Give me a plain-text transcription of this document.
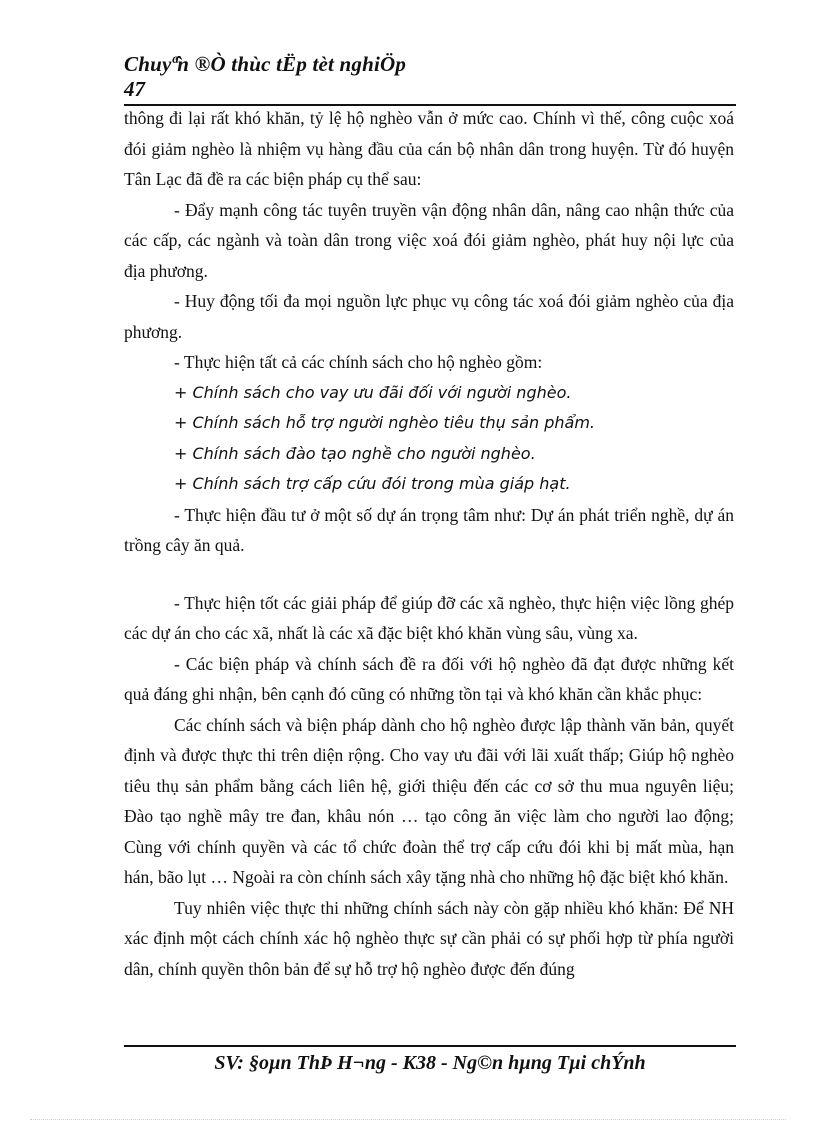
Chuyª̂n ®Ò thùc tËp tèt nghiÖp
47

thông đi lại rất khó khăn, tỷ lệ hộ nghèo vẫn ở mức cao. Chính vì thế, công cuộc xoá đói giảm nghèo là nhiệm vụ hàng đầu của cán bộ nhân dân trong huyện. Từ đó huyện Tân Lạc đã đề ra các biện pháp cụ thể sau:

- Đẩy mạnh công tác tuyên truyền vận động nhân dân, nâng cao nhận thức của các cấp, các ngành và toàn dân trong việc xoá đói giảm nghèo, phát huy nội lực của địa phương.

- Huy động tối đa mọi nguồn lực phục vụ công tác xoá đói giảm nghèo của địa phương.

- Thực hiện tất cả các chính sách cho hộ nghèo gồm:

+ Chính sách cho vay ưu đãi đối với người nghèo.

+ Chính sách hỗ trợ người nghèo tiêu thụ sản phẩm.

+ Chính sách đào tạo nghề cho người nghèo.

+ Chính sách trợ cấp cứu đói trong mùa giáp hạt.

- Thực hiện đầu tư ở một số dự án trọng tâm như: Dự án phát triển nghề, dự án trồng cây ăn quả.

- Thực hiện tốt các giải pháp để giúp đỡ các xã nghèo, thực hiện việc lồng ghép các dự án cho các xã, nhất là các xã đặc biệt khó khăn vùng sâu, vùng xa.

- Các biện pháp và chính sách đề ra đối với hộ nghèo đã đạt được những kết quả đáng ghi nhận, bên cạnh đó cũng có những tồn tại và khó khăn cần khắc phục:

Các chính sách và biện pháp dành cho hộ nghèo được lập thành văn bản, quyết định và được thực thi trên diện rộng. Cho vay ưu đãi với lãi xuất thấp; Giúp hộ nghèo tiêu thụ sản phẩm bằng cách liên hệ, giới thiệu đến các cơ sở thu mua nguyên liệu; Đào tạo nghề mây tre đan, khâu nón … tạo công ăn việc làm cho người lao động; Cùng với chính quyền và các tổ chức đoàn thể trợ cấp cứu đói khi bị mất mùa, hạn hán, bão lụt … Ngoài ra còn chính sách xây tặng nhà cho những hộ đặc biệt khó khăn.

Tuy nhiên việc thực thi những chính sách này còn gặp nhiều khó khăn: Để NH xác định một cách chính xác hộ nghèo thực sự cần phải có sự phối hợp từ phía người dân, chính quyền thôn bản để sự hỗ trợ hộ nghèo được đến đúng

SV: §oµn ThÞ H¬ng - K38 - Ng©n hµng Tµi chÝnh
